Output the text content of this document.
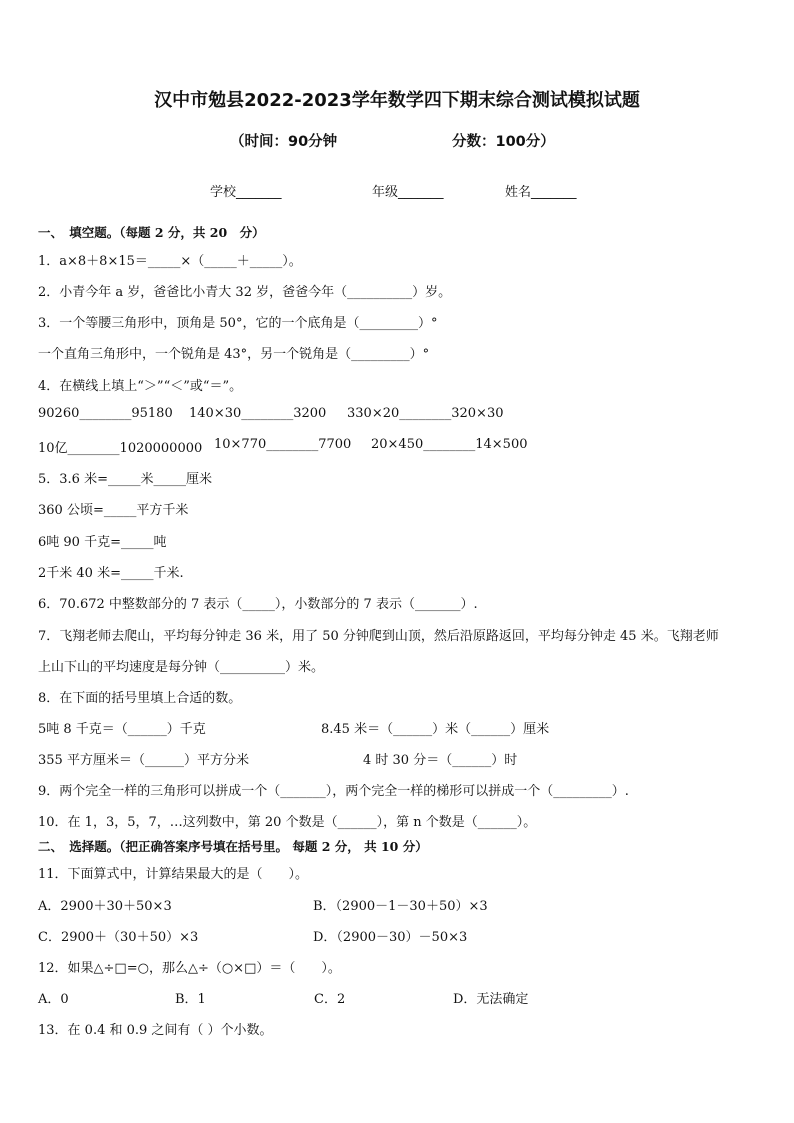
汉中市勉县2022-2023学年数学四下期末综合测试模拟试题
（时间：90分钟	分数：100分）
学校_______	年级_______	姓名_______
一、　填空题。（每题 2 分，共 20　分）
1．a×8＋8×15＝_____×（_____＋_____）。
2．小青今年 a 岁，爸爸比小青大 32 岁，爸爸今年（__________）岁。
3．一个等腰三角形中，顶角是 50°，它的一个底角是（_________）°
一个直角三角形中，一个锐角是 43°，另一个锐角是（_________）°
4．在横线上填上“＞”“＜”或“＝”。
90260________95180 140×30________3200 330×20________320×30
10亿________1020000000 10×770________7700 20×450________14×500
5．3.6 米=_____米_____厘米
360 公顷=_____平方千米
6吨 90 千克=_____吨
2千米 40 米=_____千米.
6．70.672 中整数部分的 7 表示（_____），小数部分的 7 表示（_______）.
7．飞翔老师去爬山，平均每分钟走 36 米，用了 50 分钟爬到山顶，然后沿原路返回，平均每分钟走 45 米。飞翔老师
上山下山的平均速度是每分钟（__________）米。
8．在下面的括号里填上合适的数。
5吨 8 千克＝（______）千克	8.45 米＝（______）米（______）厘米
355 平方厘米＝（______）平方分米	4 时 30 分＝（______）时
9．两个完全一样的三角形可以拼成一个（_______），两个完全一样的梯形可以拼成一个（_________）.
10．在 1，3，5，7，…这列数中，第 20 个数是（______），第 n 个数是（______）。
二、　选择题。（把正确答案序号填在括号里。 每题 2 分， 共 10 分）
11．下面算式中，计算结果最大的是（　　）。
A．2900＋30＋50×3	B．（2900－1－30＋50）×3
C．2900＋（30＋50）×3	D．（2900－30）－50×3
12．如果△÷□=○，那么△÷（○×□）＝（　　）。
A．0	B．1	C．2	D．无法确定
13．在 0.4 和 0.9 之间有（ ）个小数。
